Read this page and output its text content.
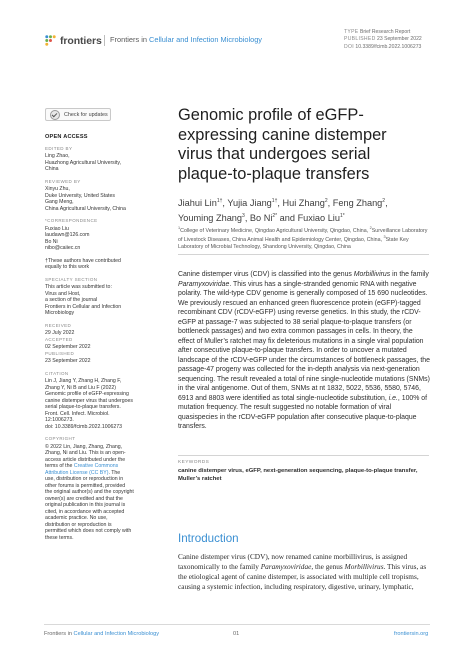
frontiers Frontiers in Cellular and Infection Microbiology
TYPE Brief Research Report
PUBLISHED 23 September 2022
DOI 10.3389/fcimb.2022.1006273
Check for updates
OPEN ACCESS
EDITED BY
Ling Zhao,
Huazhong Agricultural University,
China
REVIEWED BY
Xinyu Zhu,
Duke University, United States
Gang Meng,
China Agricultural University, China
*CORRESPONDENCE
Fuxiao Liu
laudawn@126.com
Bo Ni
nibo@caiiec.cn
†These authors have contributed
equally to this work
SPECIALTY SECTION
This article was submitted to:
Virus and Host,
a section of the journal
Frontiers in Cellular and Infection
Microbiology
RECEIVED
29 July 2022
ACCEPTED
02 September 2022
PUBLISHED
23 September 2022
CITATION
Lin J, Jiang Y, Zhang H, Zhang F,
Zhang Y, Ni B and Liu F (2022)
Genomic profile of eGFP-expressing
canine distemper virus that undergoes
serial plaque-to-plaque transfers.
Front. Cell. Infect. Microbiol.
12:1006273.
doi: 10.3389/fcimb.2022.1006273
COPYRIGHT
© 2022 Lin, Jiang, Zhang, Zhang,
Zhang, Ni and Liu. This is an open-
access article distributed under the
terms of the Creative Commons
Attribution License (CC BY). The
use, distribution or reproduction in
other forums is permitted, provided
the original author(s) and the copyright
owner(s) are credited and that the
original publication in this journal is
cited, in accordance with accepted
academic practice. No use,
distribution or reproduction is
permitted which does not comply with
these terms.
Genomic profile of eGFP-expressing canine distemper virus that undergoes serial plaque-to-plaque transfers
Jiahui Lin$^{1\dagger}$, Yujia Jiang$^{1\dagger}$, Hui Zhang$^2$, Feng Zhang$^2$, Youming Zhang$^3$, Bo $Ni^{2*}$ and Fuxiao Liu$^{1*}$
$^1$College of Veterinary Medicine, Qingdao Agricultural University, Qingdao, China, $^2$Surveillance Laboratory of Livestock Diseases, China Animal Health and Epidemiology Center, Qingdao, China, $^3$State Key Laboratory of Microbial Technology, Shandong University, Qingdao, China
Canine distemper virus (CDV) is classified into the genus Morbillivirus in the family Paramyxoviridae. This virus has a single-stranded genomic RNA with negative polarity. The wild-type CDV genome is generally composed of 15 690 nucleotides. We previously rescued an enhanced green fluorescence protein (eGFP)-tagged recombinant CDV (rCDV-eGFP) using reverse genetics. In this study, the rCDV-eGFP at passage-7 was subjected to 38 serial plaque-to-plaque transfers (or bottleneck passages) and two extra common passages in cells. In theory, the effect of Muller’s ratchet may fix deleterious mutations in a single viral population after consecutive plaque-to-plaque transfers. In order to uncover a mutated landscape of the rCDV-eGFP under the circumstances of bottleneck passages, the passage-47 progeny was collected for the in-depth analysis via next-generation sequencing. The result revealed a total of nine single-nucleotide mutations (SNMs) in the viral antigenome. Out of them, SNMs at nt 1832, 5022, 5536, 5580, 5746, 6913 and 8803 were identified as total single-nucleotide substitution, i.e., 100% of mutation frequency. The result suggested no notable formation of viral quasispecies in the rCDV-eGFP population after consecutive plaque-to-plaque transfers.
KEYWORDS
canine distemper virus, eGFP, next-generation sequencing, plaque-to-plaque transfer, Muller’s ratchet
Introduction
Canine distemper virus (CDV), now renamed canine morbillivirus, is assigned taxonomically to the family Paramyxoviridae, the genus Morbillivirus. This virus, as the etiological agent of canine distemper, is associated with multiple cell tropisms, causing a systemic infection, including respiratory, digestive, urinary, lymphatic,
Frontiers in Cellular and Infection Microbiology	01	frontiersin.org
